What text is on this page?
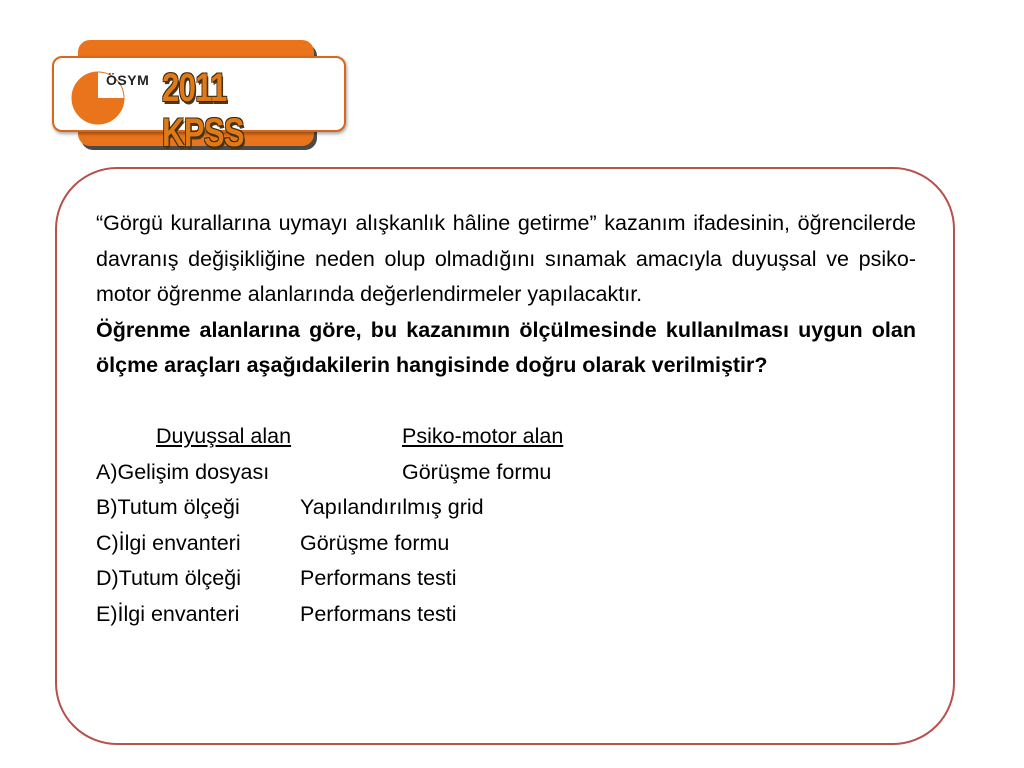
ÖSYM 2011 KPSS

“Görgü kurallarına uymayı alışkanlık hâline getirme” kazanım ifadesinin, öğrencilerde davranış değişikliğine neden olup olmadığını sınamak amacıyla duyuşsal ve psiko-motor öğrenme alanlarında değerlendirmeler yapılacaktır.

Öğrenme alanlarına göre, bu kazanımın ölçülmesinde kullanılması uygun olan ölçme araçları aşağıdakilerin hangisinde doğru olarak verilmiştir?

Duyuşsal alan	Psiko-motor alan
A)Gelişim dosyası	Görüşme formu
B)Tutum ölçeği	Yapılandırılmış grid
C)İlgi envanteri	Görüşme formu
D)Tutum ölçeği	Performans testi
E)İlgi envanteri	Performans testi
